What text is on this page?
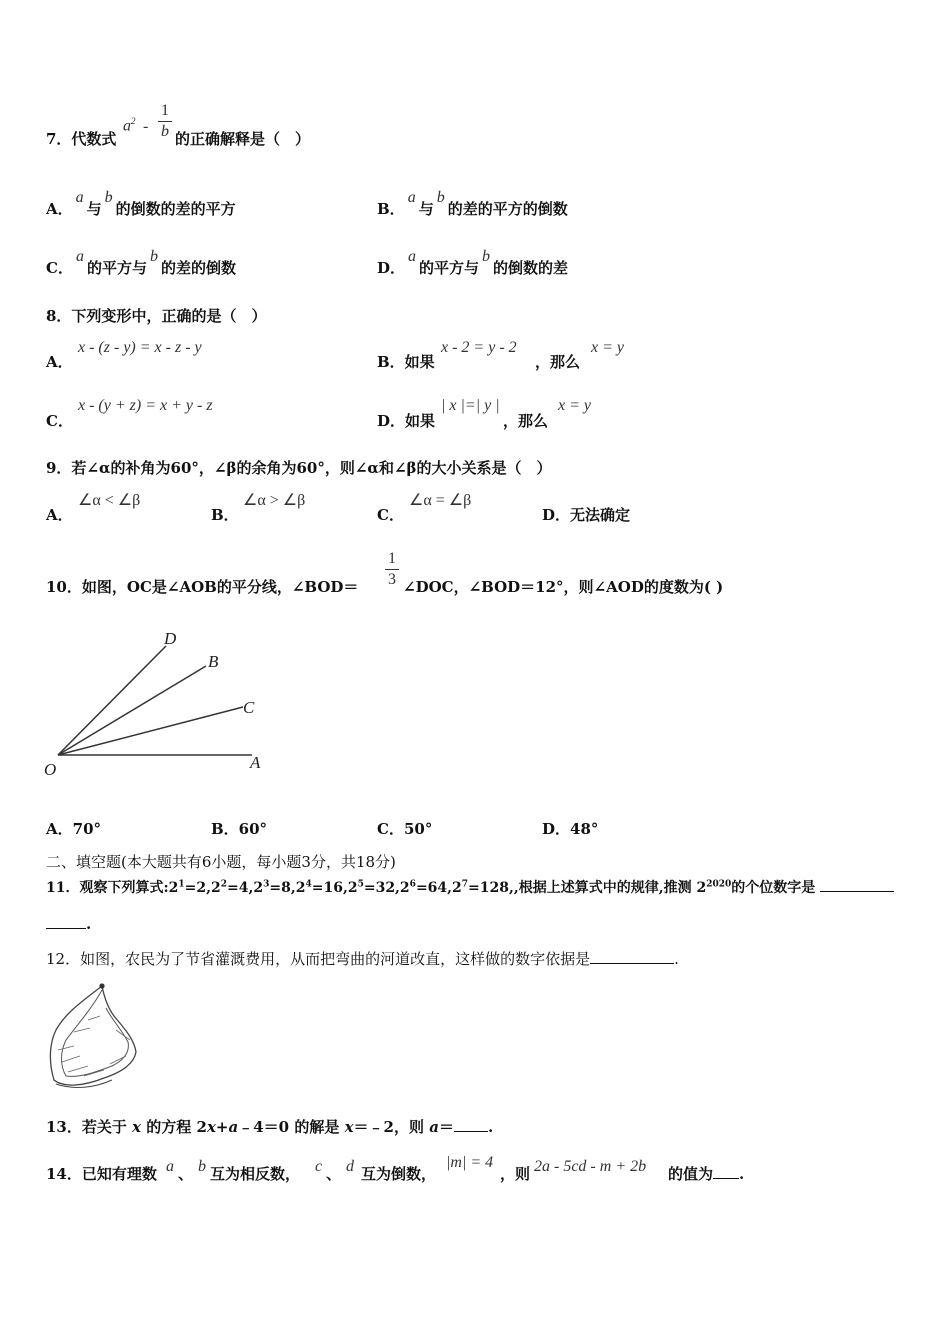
7．代数式
$a^2$ -
1
b 的正确解释是（　）
A．a与b的倒数的差的平方	B．a与b的差的平方的倒数
C．a的平方与b的差的倒数	D．a的平方与b的倒数的差
8．下列变形中，正确的是（　）
A．
x - (z - y) = x - z - y
B．如果
x - 2 = y - 2
，那么
x = y
C．
x - (y + z) = x + y - z
D．如果
| x |=| y |
，那么
x = y
9．若∠α的补角为60°，∠β的余角为60°，则∠α和∠β的大小关系是（　）
A．
∠α < ∠β
B．
∠α > ∠β
C．
∠α = ∠β
D．无法确定
10．如图，OC是∠AOB的平分线，∠BOD＝
1
3 ∠DOC，∠BOD＝12°，则∠AOD的度数为( )
O	A
C
B
D
A．70°	B．60°	C．50°	D．48°
二、填空题(本大题共有6小题，每小题3分，共18分)
11．观察下列算式$:2^1=2,2^2=4,2^3=8,2^4=16,2^5=32,2^6=64,2^7=128$,,根据上述算式中的规律,推测 $2^{2020}$的个位数字是
.
12．如图，农民为了节省灌溉费用，从而把弯曲的河道改直，这样做的数字依据是	.
13．若关于 x 的方程 2x+a﹣4＝0 的解是 x＝﹣2，则 a＝ .
14．已知有理数 a 、 b 互为相反数， c 、 d 互为倒数，
|m| = 4
，则 2a - 5cd - m + 2b 的值为 .
